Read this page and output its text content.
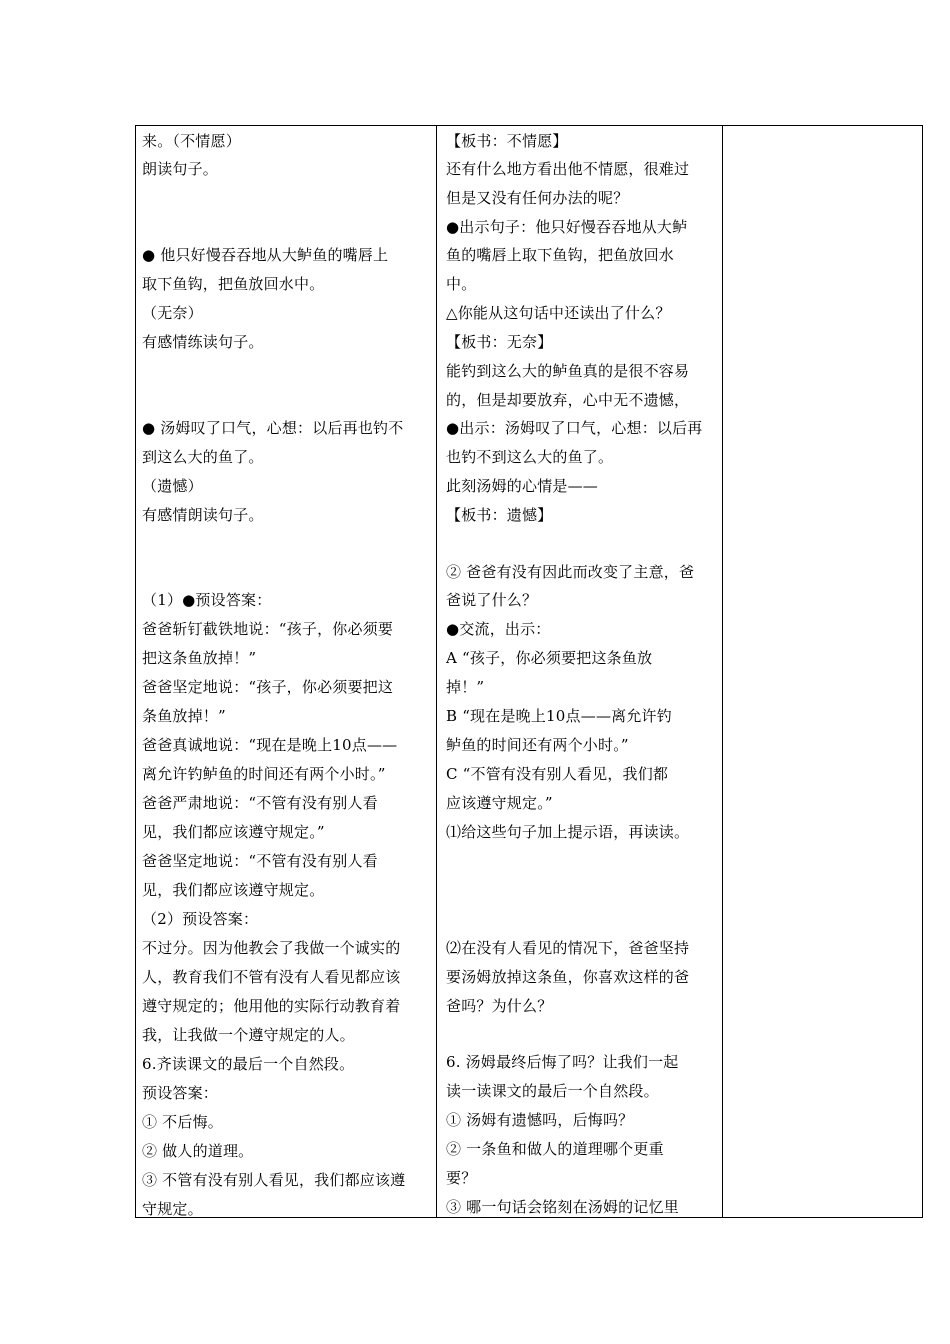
来。（不情愿）
朗读句子。
● 他只好慢吞吞地从大鲈鱼的嘴唇上
取下鱼钩，把鱼放回水中。
（无奈）
有感情练读句子。
● 汤姆叹了口气，心想：以后再也钓不
到这么大的鱼了。
（遗憾）
有感情朗读句子。
（1）●预设答案：
爸爸斩钉截铁地说：“孩子，你必须要
把这条鱼放掉！”
爸爸坚定地说：“孩子，你必须要把这
条鱼放掉！”
爸爸真诚地说：“现在是晚上10点——
离允许钓鲈鱼的时间还有两个小时。”
爸爸严肃地说：“不管有没有别人看
见，我们都应该遵守规定。”
爸爸坚定地说：“不管有没有别人看
见，我们都应该遵守规定。
（2）预设答案：
不过分。因为他教会了我做一个诚实的
人，教育我们不管有没有人看见都应该
遵守规定的；他用他的实际行动教育着
我，让我做一个遵守规定的人。
6.齐读课文的最后一个自然段。
预设答案：
① 不后悔。
② 做人的道理。
③ 不管有没有别人看见，我们都应该遵
守规定。
【板书：不情愿】
还有什么地方看出他不情愿，很难过
但是又没有任何办法的呢？
●出示句子：他只好慢吞吞地从大鲈
鱼的嘴唇上取下鱼钩，把鱼放回水
中。
△你能从这句话中还读出了什么？
【板书：无奈】
能钓到这么大的鲈鱼真的是很不容易
的，但是却要放弃，心中无不遗憾，
●出示：汤姆叹了口气，心想：以后再
也钓不到这么大的鱼了。
此刻汤姆的心情是——
【板书：遗憾】
② 爸爸有没有因此而改变了主意，爸
爸说了什么？
●交流，出示：
A “孩子，你必须要把这条鱼放
掉！”
B “现在是晚上10点——离允许钓
鲈鱼的时间还有两个小时。”
C “不管有没有别人看见，我们都
应该遵守规定。”
⑴给这些句子加上提示语，再读读。
⑵在没有人看见的情况下，爸爸坚持
要汤姆放掉这条鱼，你喜欢这样的爸
爸吗？为什么？
6. 汤姆最终后悔了吗？让我们一起
读一读课文的最后一个自然段。
① 汤姆有遗憾吗，后悔吗？
② 一条鱼和做人的道理哪个更重
要？
③ 哪一句话会铭刻在汤姆的记忆里
